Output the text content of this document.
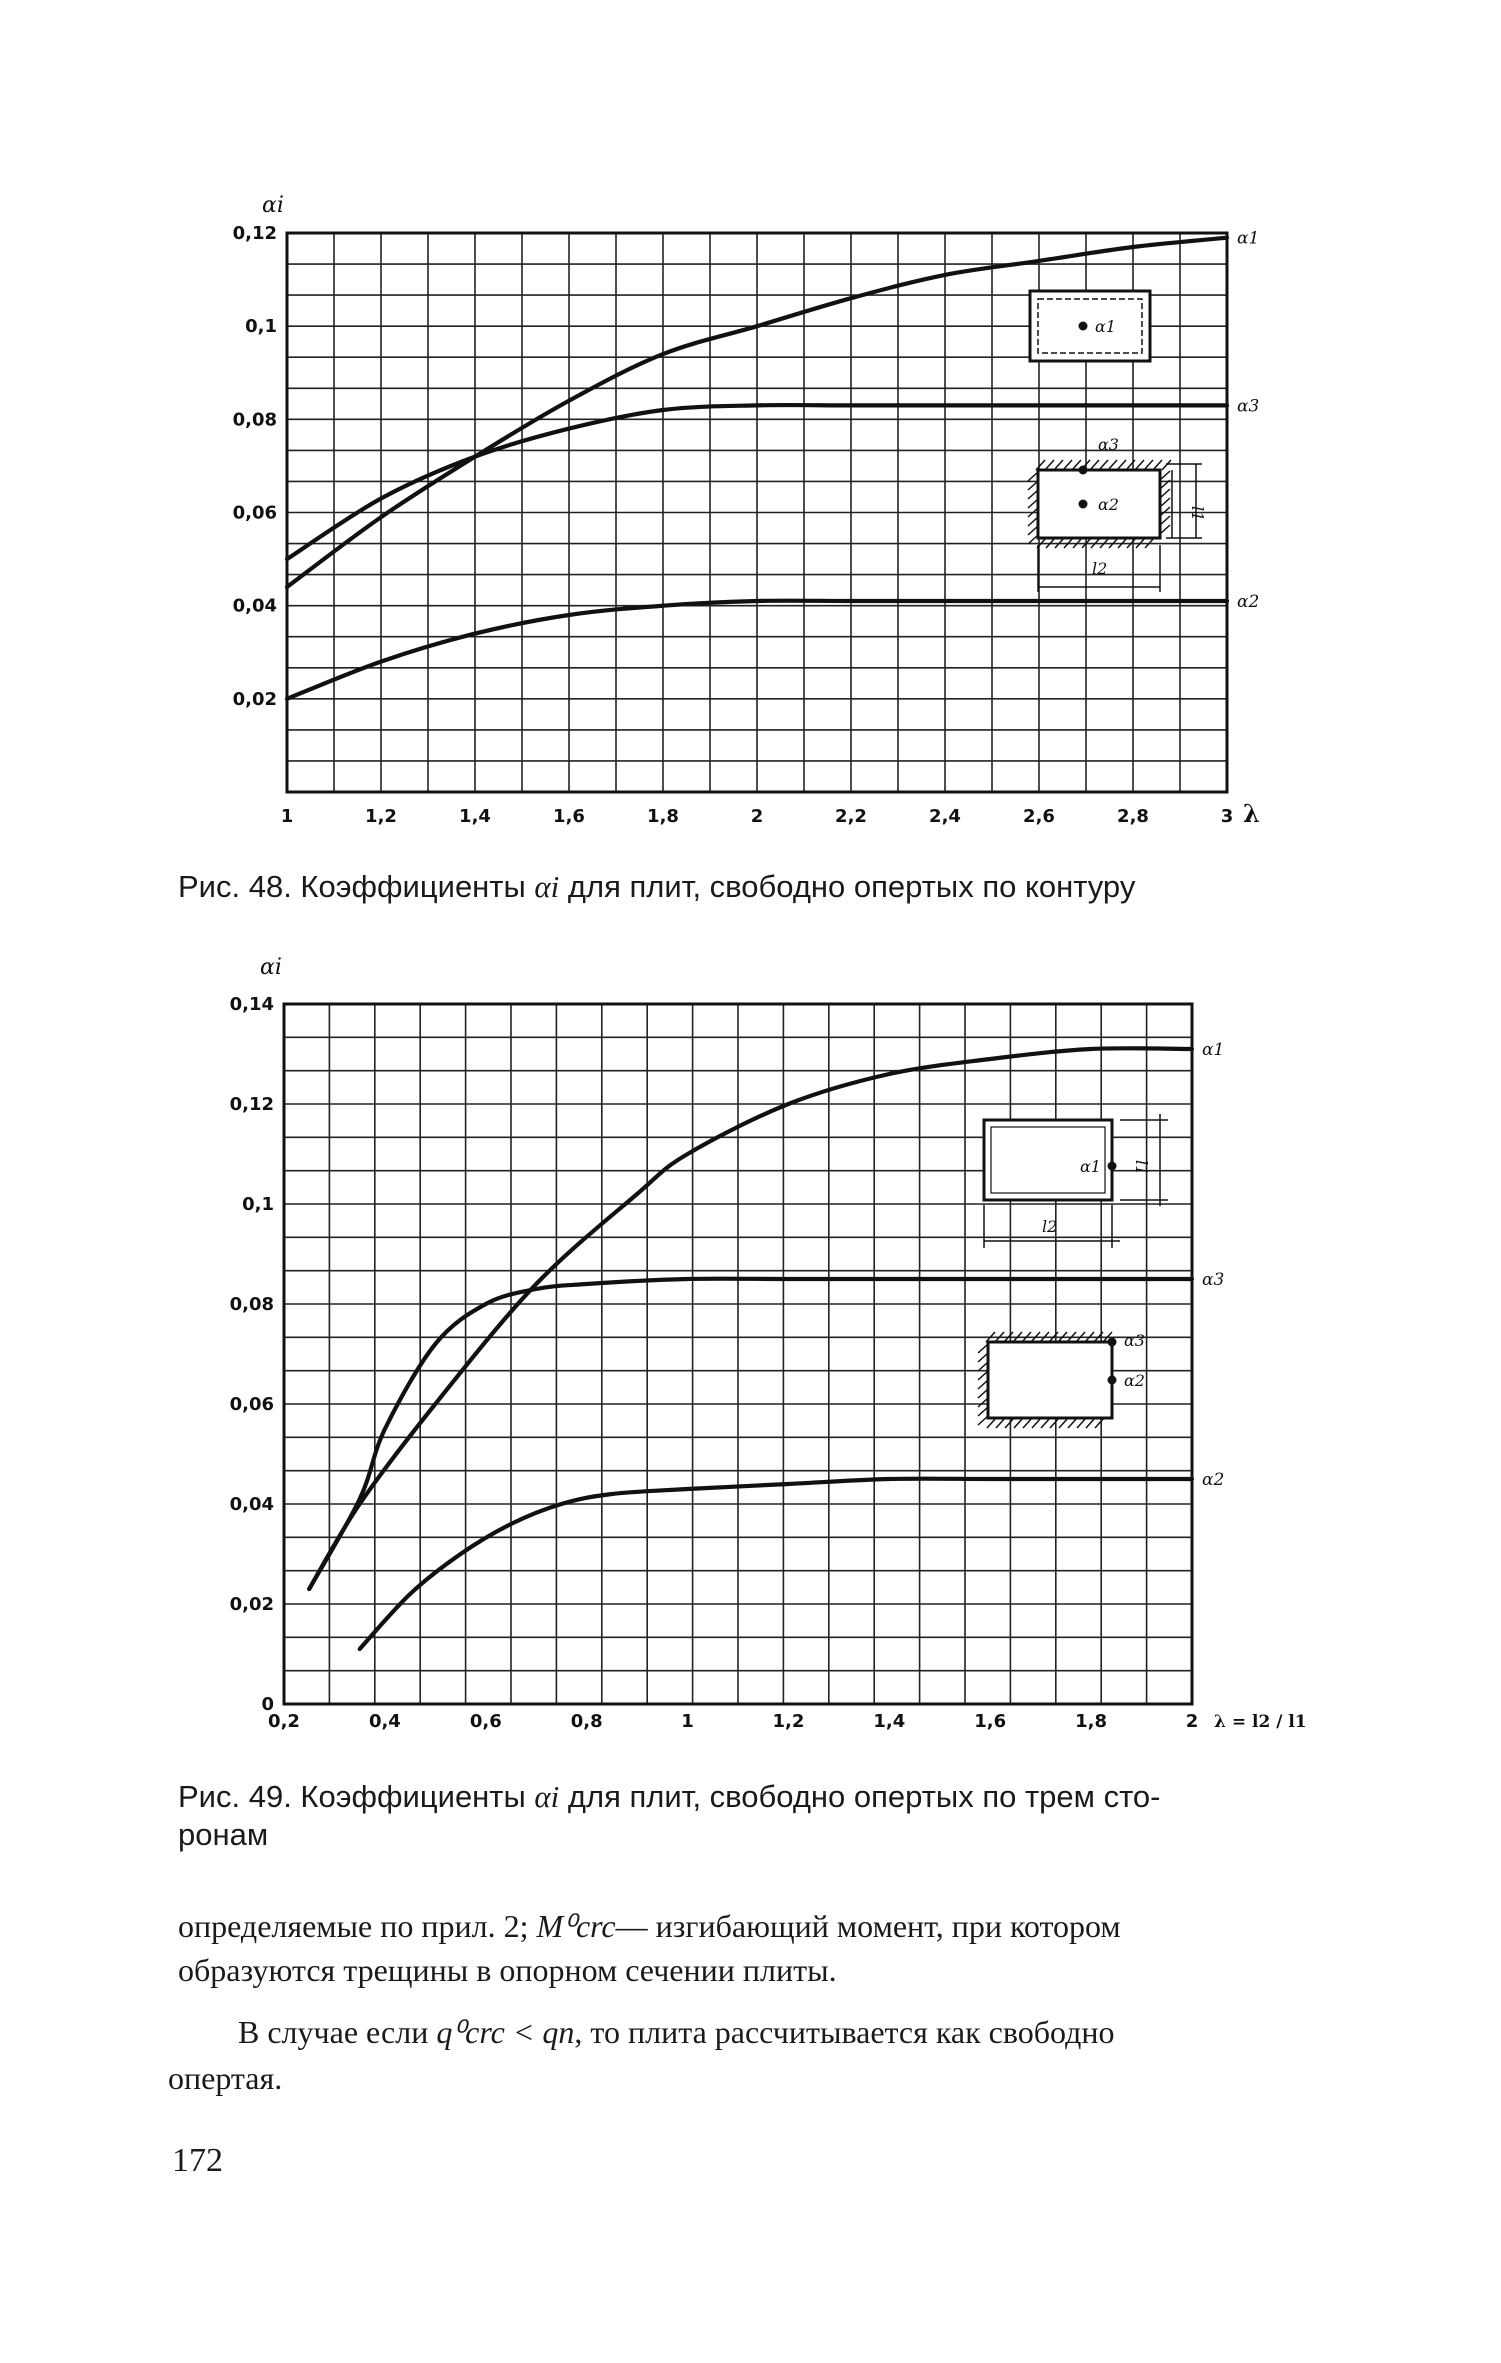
1	1,2	1,4	1,6	1,8	2	2,2	2,4	2,6	2,8	3
0,02
0,04
0,06
0,08
0,1
0,12
αi
λ
α1
α3
α2
α1
α3
α2	l1
l2
Рис. 48. Коэффициенты αi для плит, свободно опертых по контуру
0,2	0,4	0,6	0,8	1	1,2	1,4	1,6	1,8	2
0
0,02
0,04
0,06
0,08
0,1
0,12
0,14
αi
λ = l2 / l1
α1
α3
α2
α1 l1
l2
α3
α2
Рис. 49. Коэффициенты αi для плит, свободно опертых по трем сто-
ронам
определяемые по прил. 2; M⁰crc— изгибающий момент, при котором
образуются трещины в опорном сечении плиты.
В случае если q⁰crc < qn, то плита рассчитывается как свободно
опертая.
172
